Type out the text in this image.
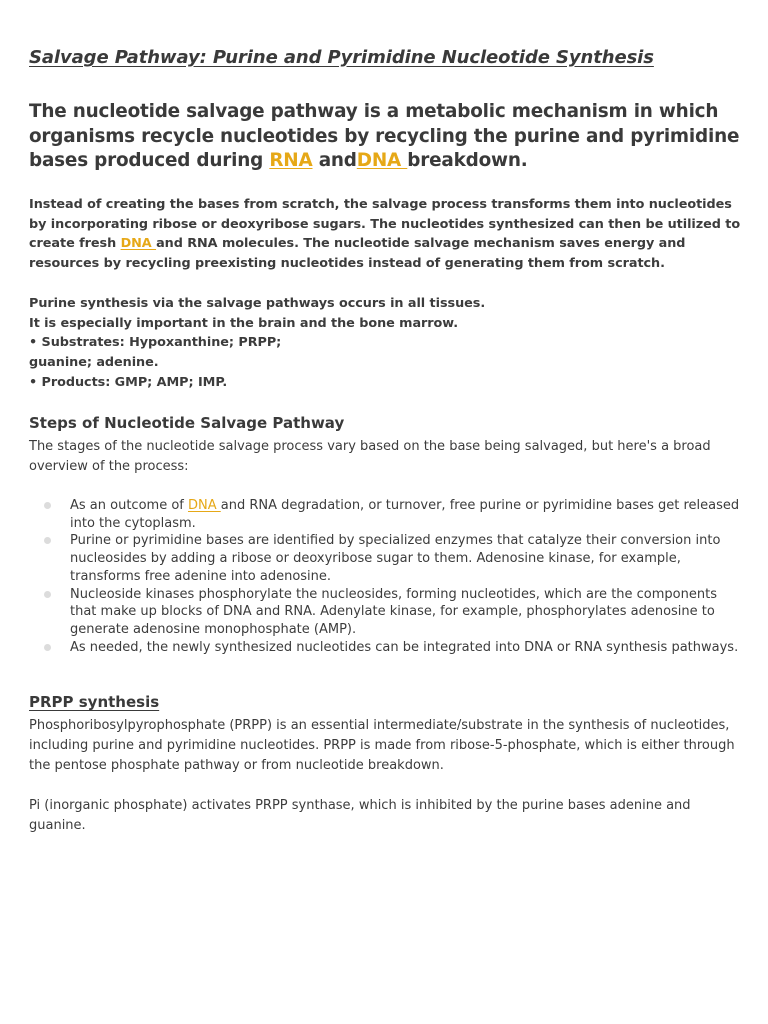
Salvage Pathway: Purine and Pyrimidine Nucleotide Synthesis

The nucleotide salvage pathway is a metabolic mechanism in which organisms recycle nucleotides by recycling the purine and pyrimidine bases produced during RNA andDNA breakdown.

Instead of creating the bases from scratch, the salvage process transforms them into nucleotides by incorporating ribose or deoxyribose sugars. The nucleotides synthesized can then be utilized to create fresh DNA and RNA molecules. The nucleotide salvage mechanism saves energy and resources by recycling preexisting nucleotides instead of generating them from scratch.

Purine synthesis via the salvage pathways occurs in all tissues.
It is especially important in the brain and the bone marrow.
• Substrates: Hypoxanthine; PRPP;
guanine; adenine.
• Products: GMP; AMP; IMP.
Steps of Nucleotide Salvage Pathway

The stages of the nucleotide salvage process vary based on the base being salvaged, but here's a broad overview of the process:

As an outcome of DNA and RNA degradation, or turnover, free purine or pyrimidine bases get released into the cytoplasm.
Purine or pyrimidine bases are identified by specialized enzymes that catalyze their conversion into nucleosides by adding a ribose or deoxyribose sugar to them. Adenosine kinase, for example, transforms free adenine into adenosine.
Nucleoside kinases phosphorylate the nucleosides, forming nucleotides, which are the components that make up blocks of DNA and RNA. Adenylate kinase, for example, phosphorylates adenosine to generate adenosine monophosphate (AMP).
As needed, the newly synthesized nucleotides can be integrated into DNA or RNA synthesis pathways.
PRPP synthesis

Phosphoribosylpyrophosphate (PRPP) is an essential intermediate/substrate in the synthesis of nucleotides, including purine and pyrimidine nucleotides. PRPP is made from ribose-5-phosphate, which is either through the pentose phosphate pathway or from nucleotide breakdown.

Pi (inorganic phosphate) activates PRPP synthase, which is inhibited by the purine bases adenine and guanine.
